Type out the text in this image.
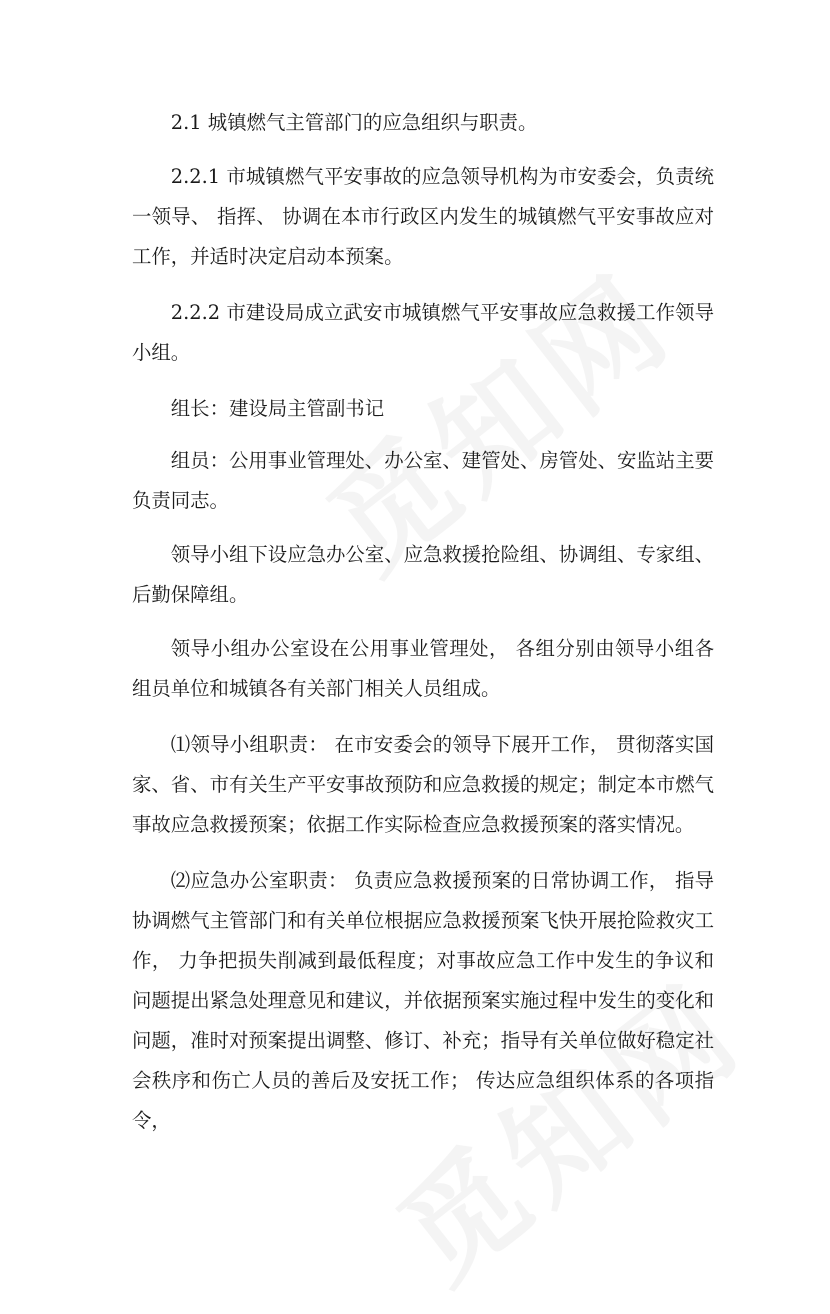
2.1 城镇燃气主管部门的应急组织与职责。

2.2.1 市城镇燃气平安事故的应急领导机构为市安委会，负责统一领导、 指挥、 协调在本市行政区内发生的城镇燃气平安事故应对工作，并适时决定启动本预案。

2.2.2 市建设局成立武安市城镇燃气平安事故应急救援工作领导小组。

组长：建设局主管副书记

组员：公用事业管理处、办公室、建管处、房管处、安监站主要负责同志。

领导小组下设应急办公室、应急救援抢险组、协调组、专家组、后勤保障组。

领导小组办公室设在公用事业管理处， 各组分别由领导小组各组员单位和城镇各有关部门相关人员组成。

⑴领导小组职责： 在市安委会的领导下展开工作， 贯彻落实国家、省、市有关生产平安事故预防和应急救援的规定；制定本市燃气事故应急救援预案；依据工作实际检查应急救援预案的落实情况。

⑵应急办公室职责： 负责应急救援预案的日常协调工作， 指导协调燃气主管部门和有关单位根据应急救援预案飞快开展抢险救灾工作， 力争把损失削减到最低程度；对事故应急工作中发生的争议和问题提出紧急处理意见和建议，并依据预案实施过程中发生的变化和问题，准时对预案提出调整、修订、补充；指导有关单位做好稳定社会秩序和伤亡人员的善后及安抚工作； 传达应急组织体系的各项指令，
